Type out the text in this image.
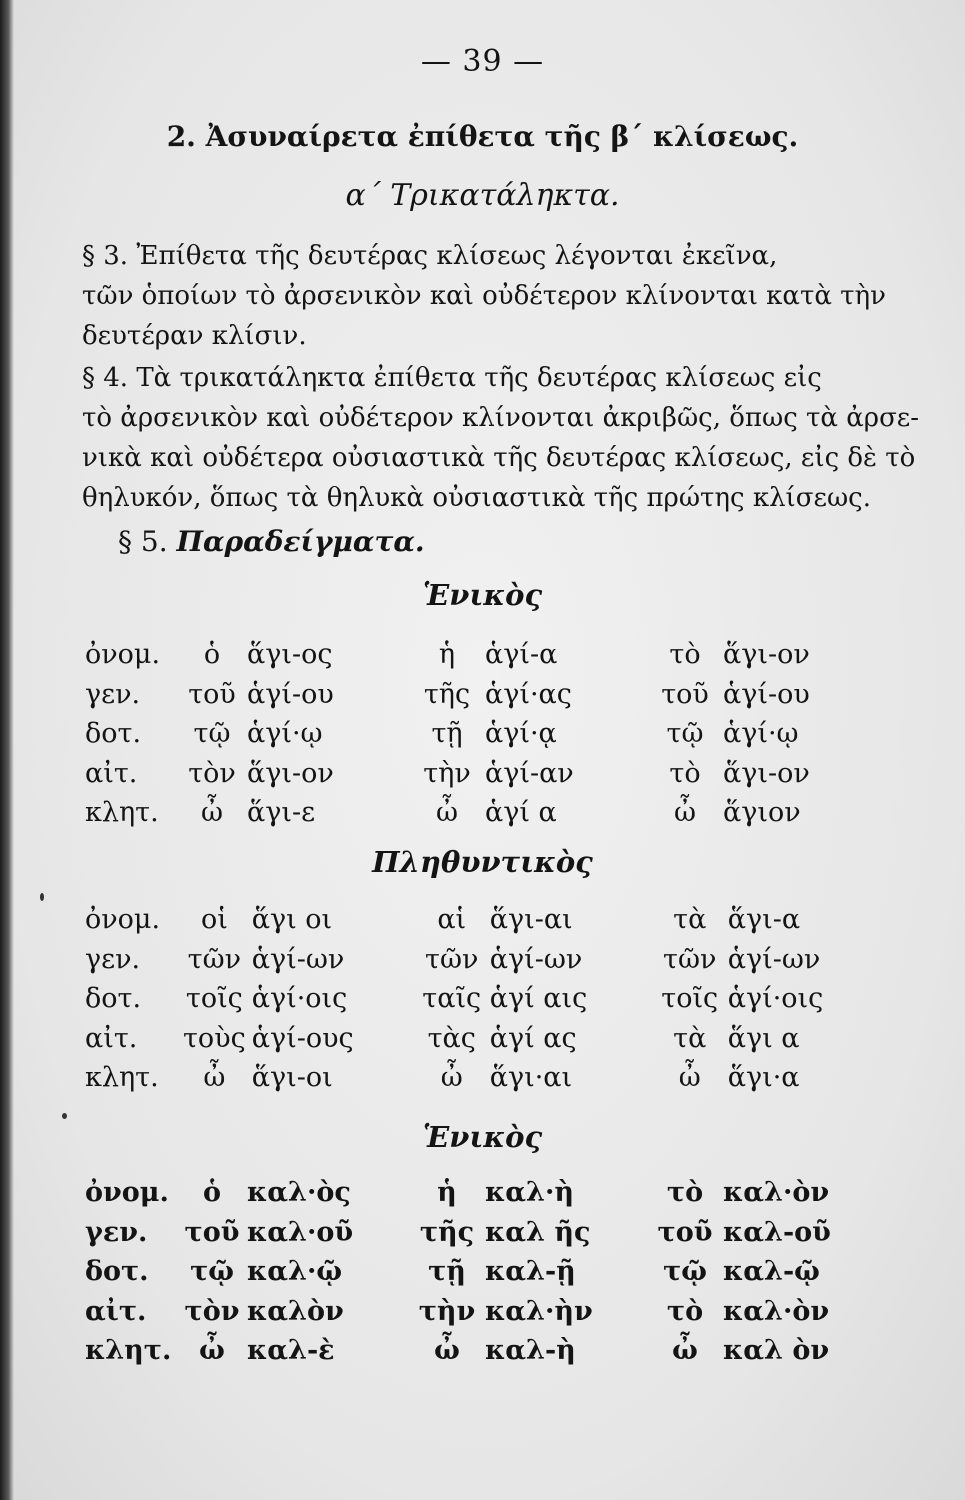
— 39 —
2. Ἀσυναίρετα ἐπίθετα τῆς β΄ κλίσεως.
α΄ Τρικατάληκτα.
§ 3. Ἐπίθετα τῆς δευτέρας κλίσεως λέγονται ἐκεῖνα,
τῶν ὁποίων τὸ ἀρσενικὸν καὶ οὐδέτερον κλίνονται κατὰ τὴν
δευτέραν κλίσιν.
§ 4. Τὰ τρικατάληκτα ἐπίθετα τῆς δευτέρας κλίσεως εἰς
τὸ ἀρσενικὸν καὶ οὐδέτερον κλίνονται ἀκριβῶς, ὅπως τὰ ἀρσε-
νικὰ καὶ οὐδέτερα οὐσιαστικὰ τῆς δευτέρας κλίσεως, εἰς δὲ τὸ
θηλυκόν, ὅπως τὰ θηλυκὰ οὐσιαστικὰ τῆς πρώτης κλίσεως.
§ 5. Παραδείγματα.
Ἑνικὸς
ὀνομ.	ὁ	ἅγι-ος	ἡ	ἁγί-α	τὸ	ἅγι-ον
γεν.	τοῦ	ἁγί-ου	τῆς	ἁγί·ας	τοῦ	ἁγί-ου
δοτ.	τῷ	ἁγί·ῳ	τῇ	ἁγί·ᾳ	τῷ	ἁγί·ῳ
αἰτ.	τὸν	ἅγι-ον	τὴν	ἁγί-αν	τὸ	ἅγι-ον
κλητ.	ὦ	ἅγι-ε	ὦ	ἁγί α	ὦ	ἅγιον
Πληθυντικὸς
ὀνομ.	οἱ	ἅγι οι	αἱ	ἅγι-αι	τὰ	ἅγι-α
γεν.	τῶν	ἁγί-ων	τῶν	ἁγί-ων	τῶν	ἁγί-ων
δοτ.	τοῖς	ἁγί·οις	ταῖς	ἁγί αις	τοῖς	ἁγί·οις
αἰτ.	τοὺς	ἁγί-ους	τὰς	ἁγί ας	τὰ	ἅγι α
κλητ.	ὦ	ἅγι-οι	ὦ	ἅγι·αι	ὦ	ἅγι·α
Ἑνικὸς
ὀνομ.	ὁ	καλ·ὸς	ἡ	καλ·ὴ	τὸ	καλ·ὸν
γεν.	τοῦ	καλ·οῦ	τῆς	καλ ῆς	τοῦ	καλ-οῦ
δοτ.	τῷ	καλ·ῷ	τῇ	καλ-ῇ	τῷ	καλ-ῷ
αἰτ.	τὸν	καλὸν	τὴν	καλ·ὴν	τὸ	καλ·ὸν
κλητ.	ὦ	καλ-ὲ	ὦ	καλ-ὴ	ὦ	καλ ὸν
